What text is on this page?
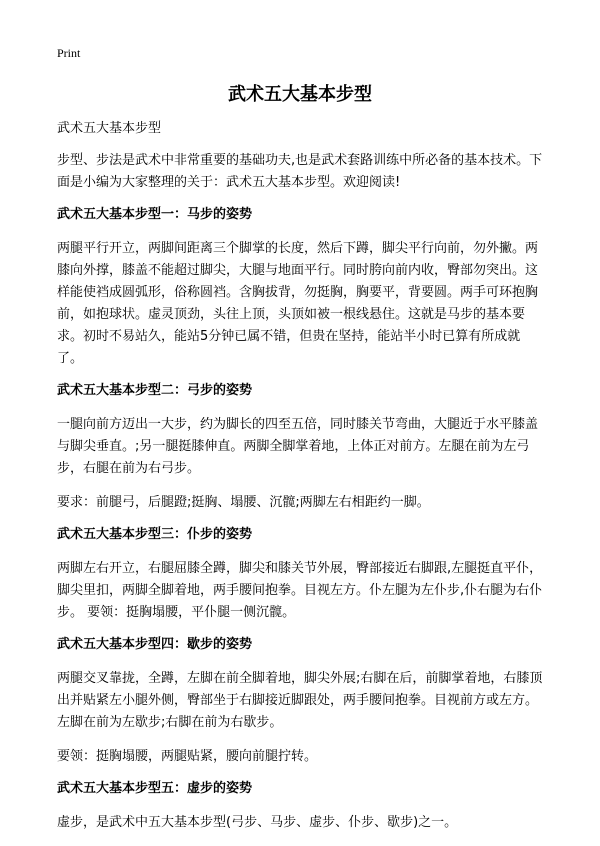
Print
武术五大基本步型

武术五大基本步型

步型、步法是武术中非常重要的基础功夫,也是武术套路训练中所必备的基本技术。下面是小编为大家整理的关于：武术五大基本步型。欢迎阅读!

武术五大基本步型一：马步的姿势

两腿平行开立，两脚间距离三个脚掌的长度，然后下蹲，脚尖平行向前，勿外撇。两膝向外撑，膝盖不能超过脚尖，大腿与地面平行。同时胯向前内收，臀部勿突出。这样能使裆成圆弧形，俗称圆裆。含胸拔背，勿挺胸，胸要平，背要圆。两手可环抱胸前，如抱球状。虚灵顶劲，头往上顶，头顶如被一根线悬住。这就是马步的基本要求。初时不易站久，能站5分钟已属不错，但贵在坚持，能站半小时已算有所成就了。

武术五大基本步型二：弓步的姿势

一腿向前方迈出一大步，约为脚长的四至五倍，同时膝关节弯曲，大腿近于水平膝盖与脚尖垂直。;另一腿挺膝伸直。两脚全脚掌着地，上体正对前方。左腿在前为左弓步，右腿在前为右弓步。

要求：前腿弓，后腿蹬;挺胸、塌腰、沉髋;两脚左右相距约一脚。

武术五大基本步型三：仆步的姿势

两脚左右开立，右腿屈膝全蹲，脚尖和膝关节外展，臀部接近右脚跟,左腿挺直平仆，脚尖里扣，两脚全脚着地，两手腰间抱拳。目视左方。仆左腿为左仆步,仆右腿为右仆步。 要领：挺胸塌腰，平仆腿一侧沉髋。

武术五大基本步型四：歇步的姿势

两腿交叉靠拢，全蹲，左脚在前全脚着地，脚尖外展;右脚在后，前脚掌着地，右膝顶出并贴紧左小腿外侧，臀部坐于右脚接近脚跟处，两手腰间抱拳。目视前方或左方。左脚在前为左歇步;右脚在前为右歇步。

要领：挺胸塌腰，两腿贴紧，腰向前腿拧转。

武术五大基本步型五：虚步的姿势

虚步，是武术中五大基本步型(弓步、马步、虚步、仆步、歇步)之一。
